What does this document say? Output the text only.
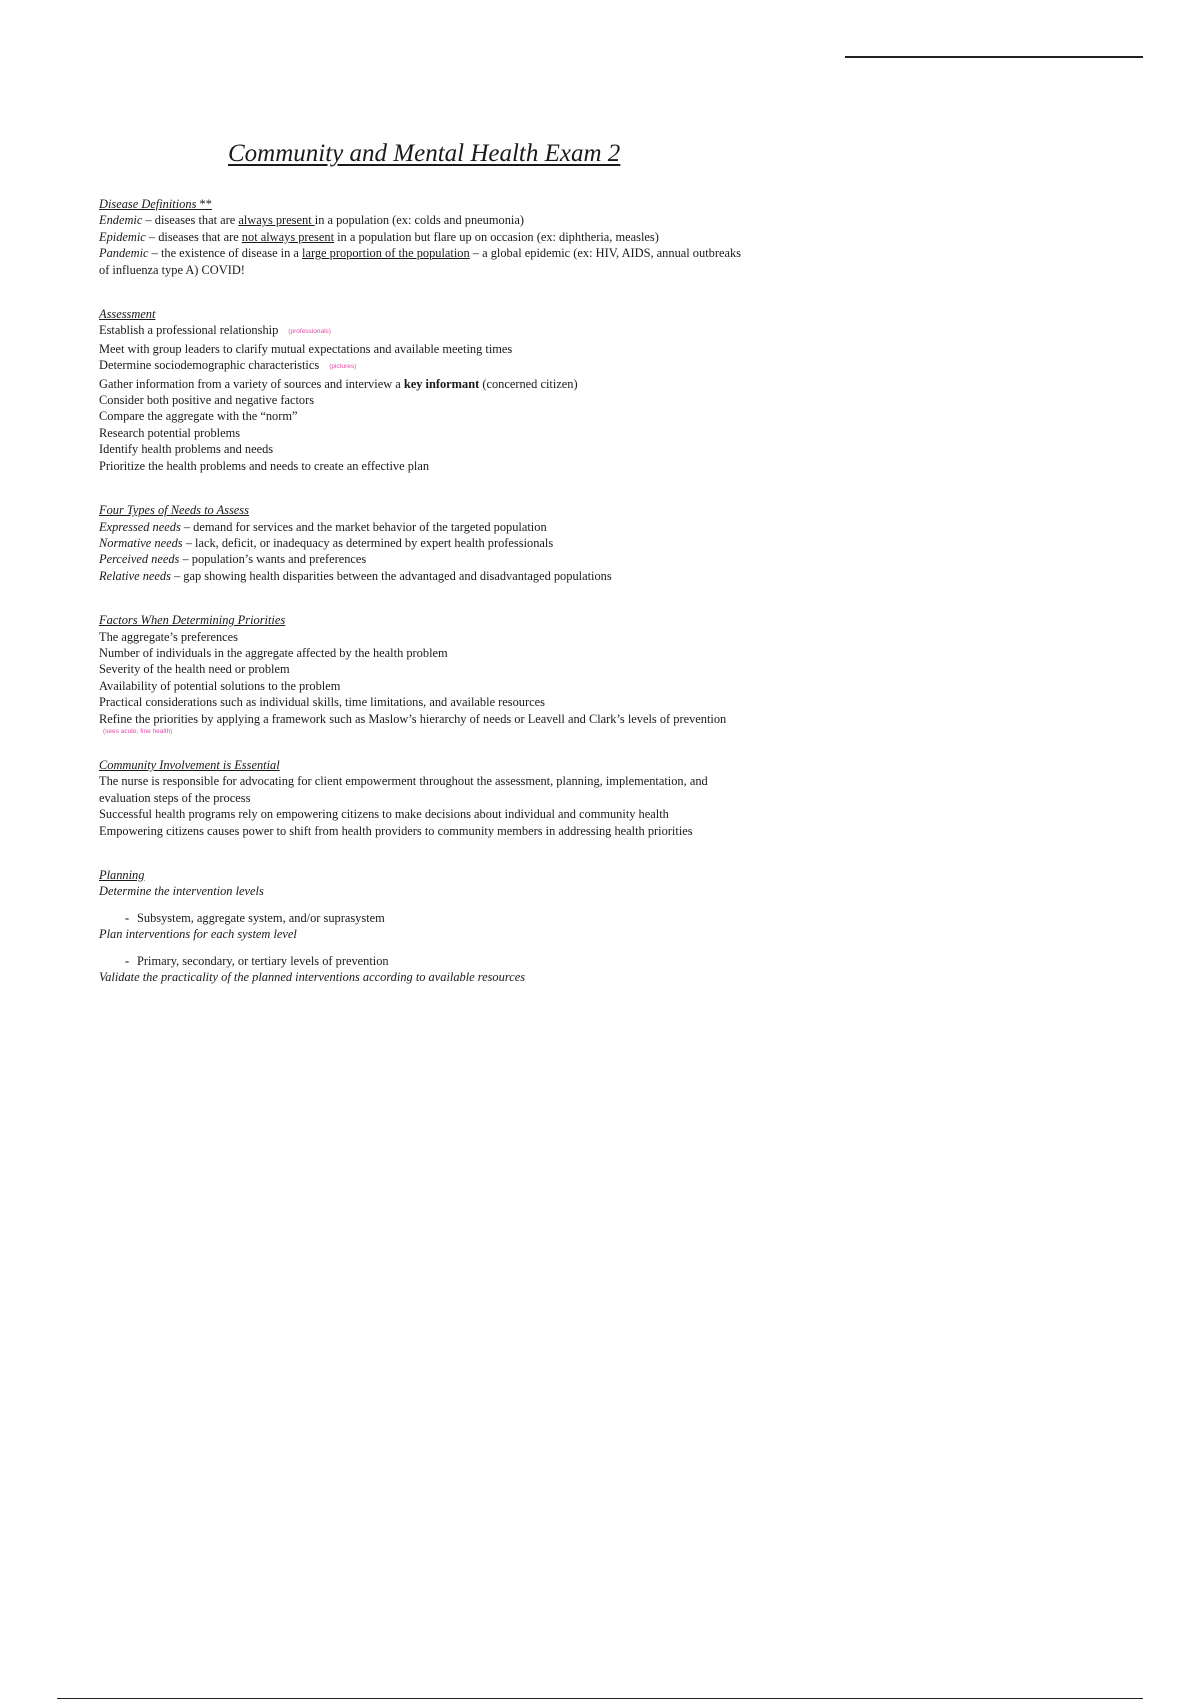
Community and Mental Health Exam 2
Disease Definitions **
Endemic – diseases that are always present in a population (ex: colds and pneumonia)
Epidemic – diseases that are not always present in a population but flare up on occasion (ex: diphtheria, measles)
Pandemic – the existence of disease in a large proportion of the population – a global epidemic (ex: HIV, AIDS, annual outbreaks of influenza type A) COVID!
Assessment
Establish a professional relationship (professionals)
Meet with group leaders to clarify mutual expectations and available meeting times
Determine sociodemographic characteristics (pictures)
Gather information from a variety of sources and interview a key informant (concerned citizen)
Consider both positive and negative factors
Compare the aggregate with the “norm”
Research potential problems
Identify health problems and needs
Prioritize the health problems and needs to create an effective plan
Four Types of Needs to Assess
Expressed needs – demand for services and the market behavior of the targeted population
Normative needs – lack, deficit, or inadequacy as determined by expert health professionals
Perceived needs – population’s wants and preferences
Relative needs – gap showing health disparities between the advantaged and disadvantaged populations
Factors When Determining Priorities
The aggregate’s preferences
Number of individuals in the aggregate affected by the health problem
Severity of the health need or problem
Availability of potential solutions to the problem
Practical considerations such as individual skills, time limitations, and available resources
Refine the priorities by applying a framework such as Maslow’s hierarchy of needs or Leavell and Clark’s levels of prevention
(sees acute, fine health)
Community Involvement is Essential
The nurse is responsible for advocating for client empowerment throughout the assessment, planning, implementation, and evaluation steps of the process
Successful health programs rely on empowering citizens to make decisions about individual and community health
Empowering citizens causes power to shift from health providers to community members in addressing health priorities
Planning
Determine the intervention levels
- Subsystem, aggregate system, and/or suprasystem
Plan interventions for each system level
- Primary, secondary, or tertiary levels of prevention
Validate the practicality of the planned interventions according to available resources
